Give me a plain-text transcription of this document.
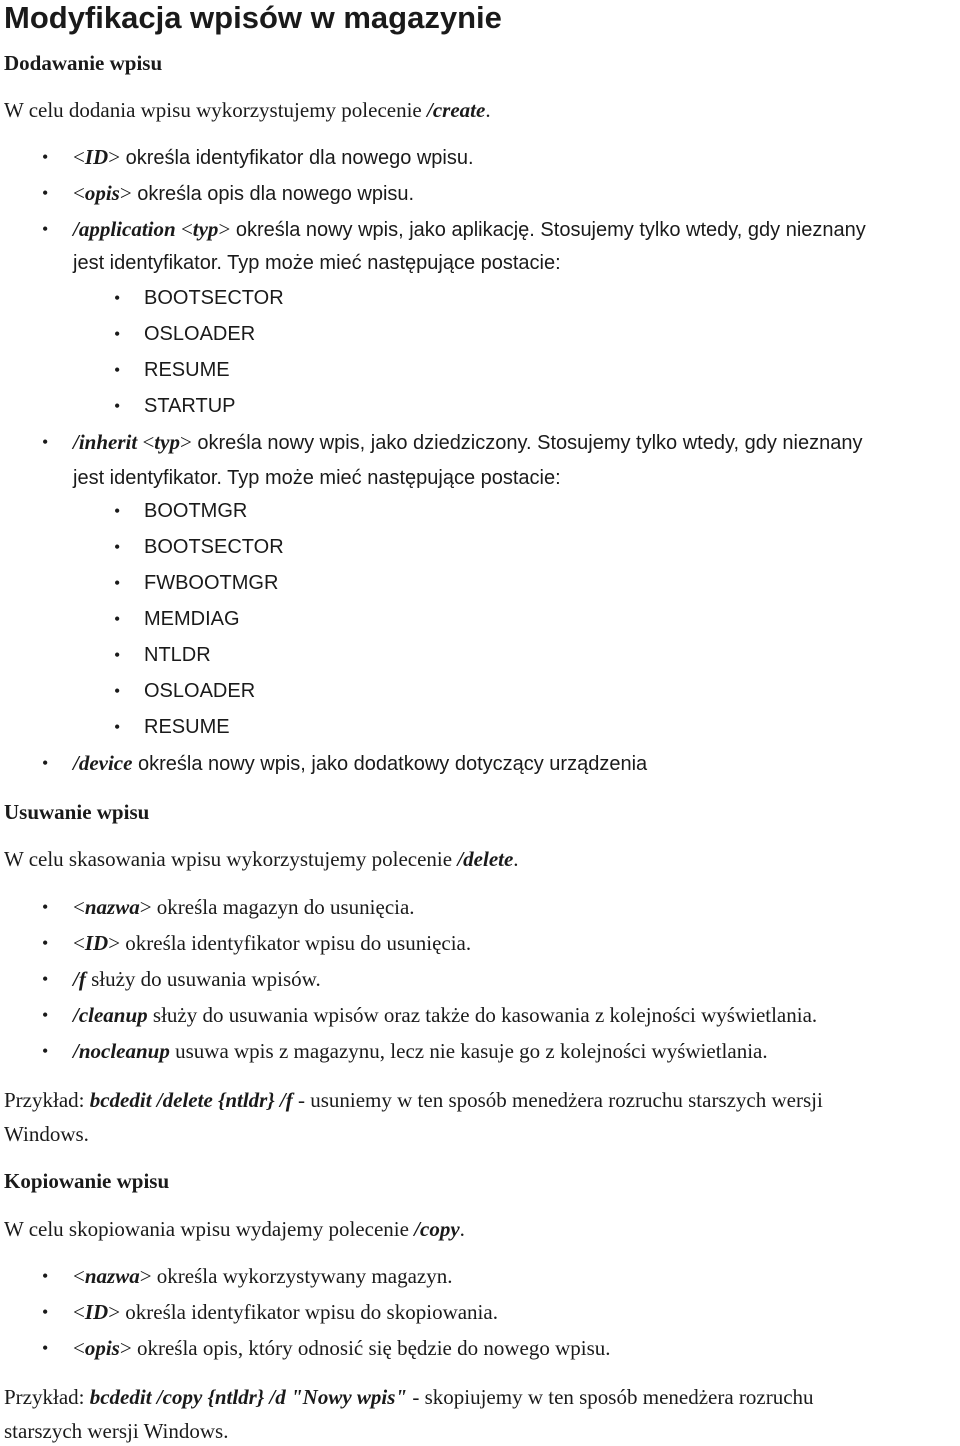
Modyfikacja wpisów w magazynie
Dodawanie wpisu
W celu dodania wpisu wykorzystujemy polecenie /create.
• <ID> określa identyfikator dla nowego wpisu.
• <opis> określa opis dla nowego wpisu.
• /application <typ> określa nowy wpis, jako aplikację. Stosujemy tylko wtedy, gdy nieznany
jest identyfikator. Typ może mieć następujące postacie:
• BOOTSECTOR
• OSLOADER
• RESUME
• STARTUP
• /inherit <typ> określa nowy wpis, jako dziedziczony. Stosujemy tylko wtedy, gdy nieznany
jest identyfikator. Typ może mieć następujące postacie:
• BOOTMGR
• BOOTSECTOR
• FWBOOTMGR
• MEMDIAG
• NTLDR
• OSLOADER
• RESUME
• /device określa nowy wpis, jako dodatkowy dotyczący urządzenia
Usuwanie wpisu
W celu skasowania wpisu wykorzystujemy polecenie /delete.
• <nazwa> określa magazyn do usunięcia.
• <ID> określa identyfikator wpisu do usunięcia.
• /f służy do usuwania wpisów.
• /cleanup służy do usuwania wpisów oraz także do kasowania z kolejności wyświetlania.
• /nocleanup usuwa wpis z magazynu, lecz nie kasuje go z kolejności wyświetlania.
Przykład: bcdedit /delete {ntldr} /f - usuniemy w ten sposób menedżera rozruchu starszych wersji
Windows.
Kopiowanie wpisu
W celu skopiowania wpisu wydajemy polecenie /copy.
• <nazwa> określa wykorzystywany magazyn.
• <ID> określa identyfikator wpisu do skopiowania.
• <opis> określa opis, który odnosić się będzie do nowego wpisu.
Przykład: bcdedit /copy {ntldr} /d "Nowy wpis" - skopiujemy w ten sposób menedżera rozruchu
starszych wersji Windows.
